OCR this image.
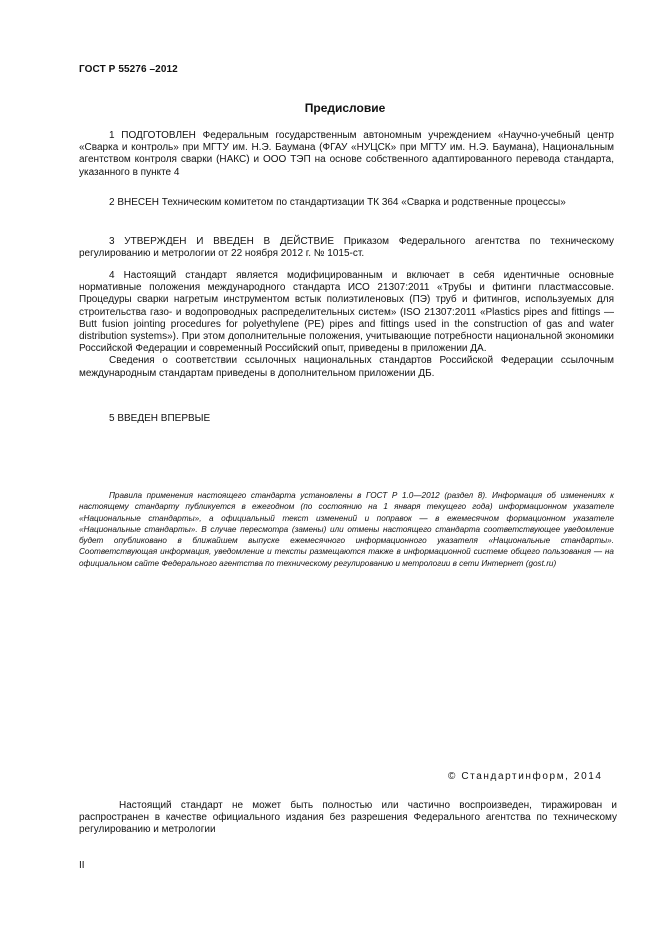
ГОСТ Р 55276 –2012
Предисловие

1 ПОДГОТОВЛЕН Федеральным государственным автономным учреждением «Научно-учебный центр «Сварка и контроль» при МГТУ им. Н.Э. Баумана (ФГАУ «НУЦСК» при МГТУ им. Н.Э. Баумана), Национальным агентством контроля сварки (НАКС) и ООО ТЭП на основе собственного адаптированного перевода стандарта, указанного в пункте 4

2 ВНЕСЕН Техническим комитетом по стандартизации ТК 364 «Сварка и родственные процессы»

3 УТВЕРЖДЕН И ВВЕДЕН В ДЕЙСТВИЕ Приказом Федерального агентства по техническому регулированию и метрологии от 22 ноября 2012 г. № 1015-ст.

4 Настоящий стандарт является модифицированным и включает в себя идентичные основные нормативные положения международного стандарта ИСО 21307:2011 «Трубы и фитинги пластмассовые. Процедуры сварки нагретым инструментом встык полиэтиленовых (ПЭ) труб и фитингов, используемых для строительства газо- и водопроводных распределительных систем» (ISO 21307:2011 «Plastics pipes and fittings — Butt fusion jointing procedures for polyethylene (PE) pipes and fittings used in the construction of gas and water distribution systems»). При этом дополнительные положения, учитывающие потребности национальной экономики Российской Федерации и современный Российский опыт, приведены в приложении ДА.

Сведения о соответствии ссылочных национальных стандартов Российской Федерации ссылочным международным стандартам приведены в дополнительном приложении ДБ.

5 ВВЕДЕН ВПЕРВЫЕ

Правила применения настоящего стандарта установлены в ГОСТ Р 1.0—2012 (раздел 8). Информация об изменениях к настоящему стандарту публикуется в ежегодном (по состоянию на 1 января текущего года) информационном указателе «Национальные стандарты», а официальный текст изменений и поправок — в ежемесячном формационном указателе «Национальные стандарты». В случае пересмотра (замены) или отмены настоящего стандарта соответствующее уведомление будет опубликовано в ближайшем выпуске ежемесячного информационного указателя «Национальные стандарты». Соответствующая информация, уведомление и тексты размещаются также в информационной системе общего пользования — на официальном сайте Федерального агентства по техническому регулированию и метрологии в сети Интернет (gost.ru)

© Стандартинформ, 2014

Настоящий стандарт не может быть полностью или частично воспроизведен, тиражирован и распространен в качестве официального издания без разрешения Федерального агентства по техническому регулированию и метрологии

II
